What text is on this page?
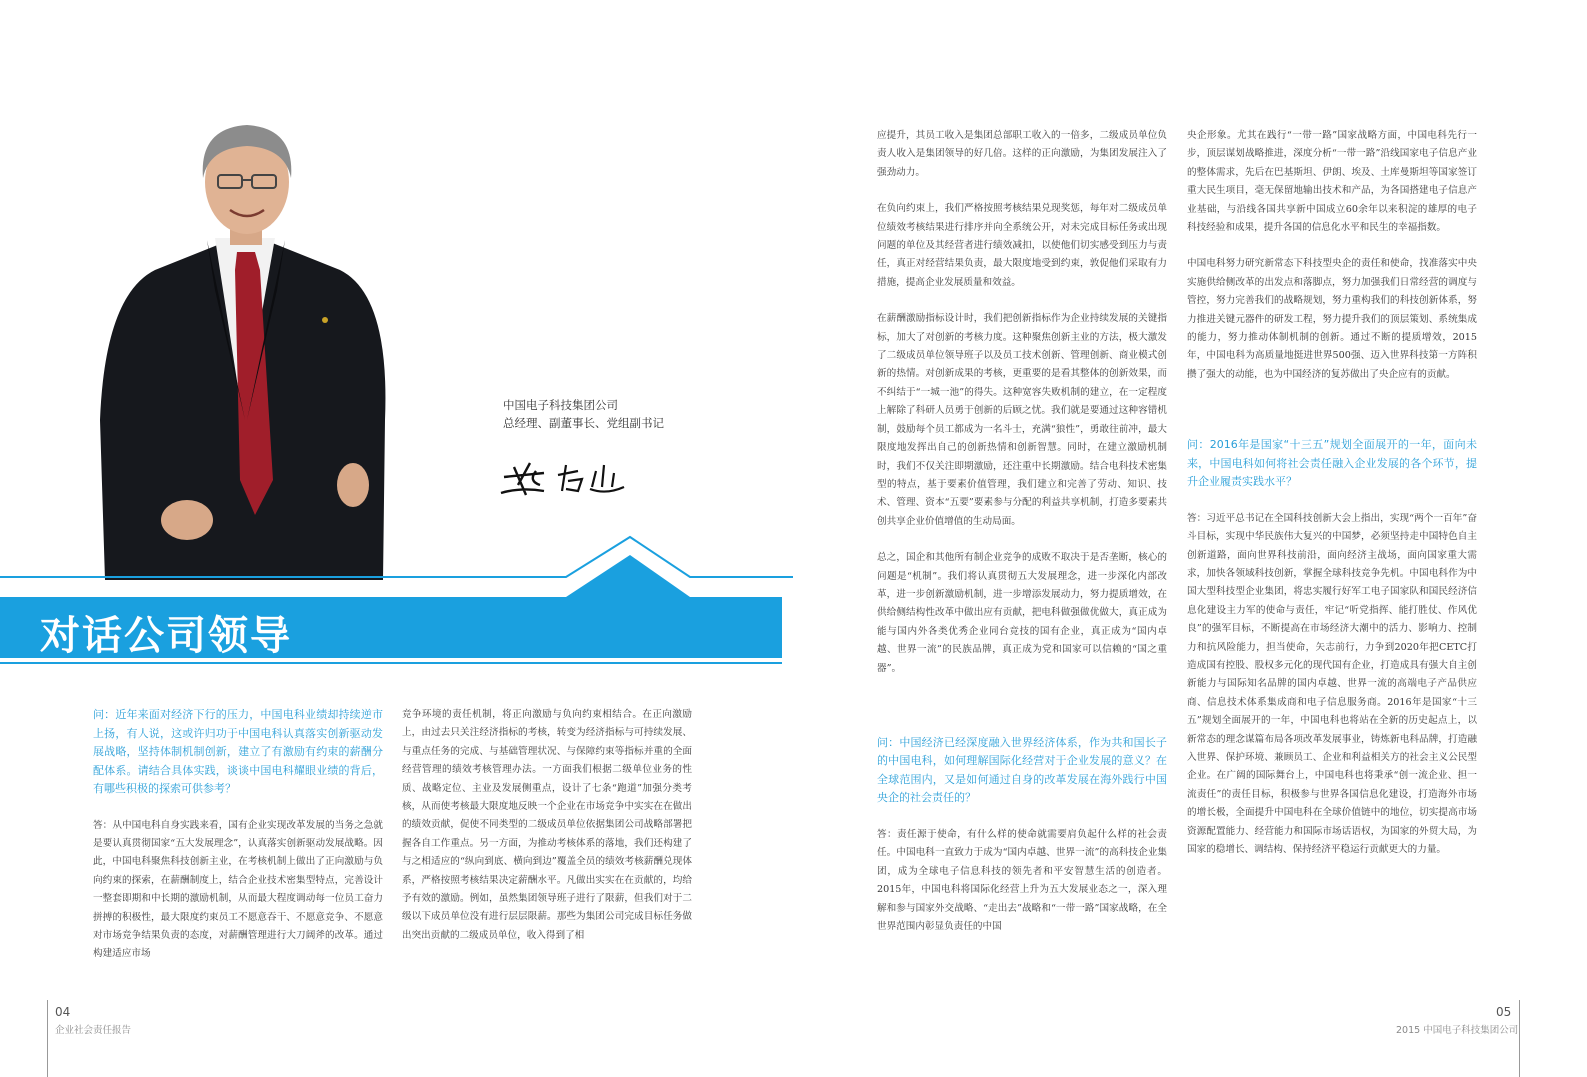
中国电子科技集团公司
总经理、副董事长、党组副书记
对话公司领导

问：近年来面对经济下行的压力，中国电科业绩却持续逆市上扬，有人说，这或许归功于中国电科认真落实创新驱动发展战略，坚持体制机制创新，建立了有激励有约束的薪酬分配体系。请结合具体实践，谈谈中国电科耀眼业绩的背后，有哪些积极的探索可供参考？

答：从中国电科自身实践来看，国有企业实现改革发展的当务之急就是要认真贯彻国家“五大发展理念”，认真落实创新驱动发展战略。因此，中国电科聚焦科技创新主业，在考核机制上做出了正向激励与负向约束的探索，在薪酬制度上，结合企业技术密集型特点，完善设计一整套即期和中长期的激励机制，从而最大程度调动每一位员工奋力拼搏的积极性，最大限度约束员工不愿意吞干、不愿意竞争、不愿意对市场竞争结果负责的态度，对薪酬管理进行大刀阔斧的改革。通过构建适应市场

竞争环境的责任机制，将正向激励与负向约束相结合。在正向激励上，由过去只关注经济指标的考核，转变为经济指标与可持续发展、与重点任务的完成、与基础管理状况、与保障约束等指标并重的全面经营管理的绩效考核管理办法。一方面我们根据二级单位业务的性质、战略定位、主业及发展侧重点，设计了七条“跑道”加强分类考核，从而使考核最大限度地反映一个企业在市场竞争中实实在在做出的绩效贡献，促使不同类型的二级成员单位依据集团公司战略部署把握各自工作重点。另一方面，为推动考核体系的落地，我们还构建了与之相适应的“纵向到底、横向到边”覆盖全员的绩效考核薪酬兑现体系，严格按照考核结果决定薪酬水平。凡做出实实在在贡献的，均给予有效的激励。例如，虽然集团领导班子进行了限薪，但我们对于二级以下成员单位没有进行层层限薪。那些为集团公司完成目标任务做出突出贡献的二级成员单位，收入得到了相

04
企业社会责任报告

应提升，其员工收入是集团总部职工收入的一倍多，二级成员单位负责人收入是集团领导的好几倍。这样的正向激励，为集团发展注入了强劲动力。

在负向约束上，我们严格按照考核结果兑现奖惩，每年对二级成员单位绩效考核结果进行排序并向全系统公开，对未完成目标任务或出现问题的单位及其经营者进行绩效减扣，以使他们切实感受到压力与责任，真正对经营结果负责，最大限度地受到约束，敦促他们采取有力措施，提高企业发展质量和效益。

在薪酬激励指标设计时，我们把创新指标作为企业持续发展的关键指标，加大了对创新的考核力度。这种聚焦创新主业的方法，极大激发了二级成员单位领导班子以及员工技术创新、管理创新、商业模式创新的热情。对创新成果的考核，更重要的是看其整体的创新效果，而不纠结于“一城一池”的得失。这种宽容失败机制的建立，在一定程度上解除了科研人员勇于创新的后顾之忧。我们就是要通过这种容错机制，鼓励每个员工都成为一名斗士，充满“狼性”，勇敢往前冲，最大限度地发挥出自己的创新热情和创新智慧。同时，在建立激励机制时，我们不仅关注即期激励，还注重中长期激励。结合电科技术密集型的特点，基于要素价值管理，我们建立和完善了劳动、知识、技术、管理、资本“五要”要素参与分配的利益共享机制，打造多要素共创共享企业价值增值的生动局面。

总之，国企和其他所有制企业竞争的成败不取决于是否垄断，核心的问题是“机制”。我们将认真贯彻五大发展理念，进一步深化内部改革，进一步创新激励机制，进一步增添发展动力，努力提质增效，在供给侧结构性改革中做出应有贡献，把电科做强做优做大，真正成为能与国内外各类优秀企业同台竞技的国有企业，真正成为“国内卓越、世界一流”的民族品牌，真正成为党和国家可以信赖的“国之重器”。

问：中国经济已经深度融入世界经济体系，作为共和国长子的中国电科，如何理解国际化经营对于企业发展的意义？在全球范围内，又是如何通过自身的改革发展在海外践行中国央企的社会责任的？

答：责任源于使命，有什么样的使命就需要肩负起什么样的社会责任。中国电科一直致力于成为“国内卓越、世界一流”的高科技企业集团，成为全球电子信息科技的领先者和平安智慧生活的创造者。2015年，中国电科将国际化经营上升为五大发展业态之一，深入理解和参与国家外交战略、“走出去”战略和“一带一路”国家战略，在全世界范围内彰显负责任的中国

央企形象。尤其在践行“一带一路”国家战略方面，中国电科先行一步，顶层谋划战略推进，深度分析“一带一路”沿线国家电子信息产业的整体需求，先后在巴基斯坦、伊朗、埃及、土库曼斯坦等国家签订重大民生项目，毫无保留地输出技术和产品，为各国搭建电子信息产业基础，与沿线各国共享新中国成立60余年以来积淀的雄厚的电子科技经验和成果，提升各国的信息化水平和民生的幸福指数。

中国电科努力研究新常态下科技型央企的责任和使命，找准落实中央实施供给侧改革的出发点和落脚点，努力加强我们日常经营的调度与管控，努力完善我们的战略规划，努力重构我们的科技创新体系，努力推进关键元器件的研发工程，努力提升我们的顶层策划、系统集成的能力，努力推动体制机制的创新。通过不断的提质增效，2015年，中国电科为高质量地挺进世界500强、迈入世界科技第一方阵积攒了强大的动能，也为中国经济的复苏做出了央企应有的贡献。

问：2016年是国家“十三五”规划全面展开的一年，面向未来，中国电科如何将社会责任融入企业发展的各个环节，提升企业履责实践水平？

答：习近平总书记在全国科技创新大会上指出，实现“两个一百年”奋斗目标，实现中华民族伟大复兴的中国梦，必须坚持走中国特色自主创新道路，面向世界科技前沿，面向经济主战场，面向国家重大需求，加快各领域科技创新，掌握全球科技竞争先机。中国电科作为中国大型科技型企业集团，将忠实履行好军工电子国家队和国民经济信息化建设主力军的使命与责任，牢记“听党指挥、能打胜仗、作风优良”的强军目标，不断提高在市场经济大潮中的活力、影响力、控制力和抗风险能力，担当使命，矢志前行，力争到2020年把CETC打造成国有控股、股权多元化的现代国有企业，打造成具有强大自主创新能力与国际知名品牌的国内卓越、世界一流的高端电子产品供应商、信息技术体系集成商和电子信息服务商。2016年是国家“十三五”规划全面展开的一年，中国电科也将站在全新的历史起点上，以新常态的理念谋篇布局各项改革发展事业，铸炼新电科品牌，打造融入世界、保护环境、兼顾员工、企业和利益相关方的社会主义公民型企业。在广阔的国际舞台上，中国电科也将秉承“创一流企业、担一流责任”的责任目标，积极参与世界各国信息化建设，打造海外市场的增长极，全面提升中国电科在全球价值链中的地位，切实提高市场资源配置能力、经营能力和国际市场话语权，为国家的外贸大局，为国家的稳增长、调结构、保持经济平稳运行贡献更大的力量。

05
2015 中国电子科技集团公司
